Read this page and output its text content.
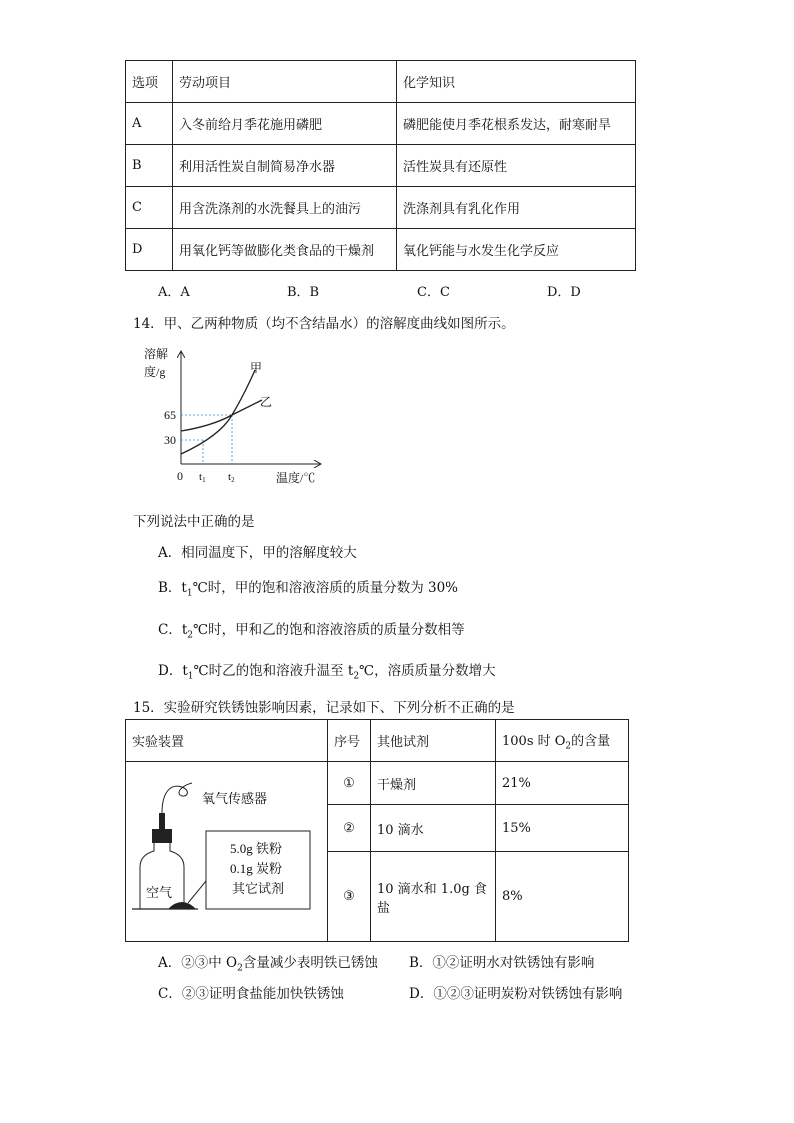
选项	劳动项目	化学知识
A	入冬前给月季花施用磷肥	磷肥能使月季花根系发达，耐寒耐旱
B	利用活性炭自制简易净水器	活性炭具有还原性
C	用含洗涤剂的水洗餐具上的油污	洗涤剂具有乳化作用
D	用氧化钙等做膨化类食品的干燥剂	氧化钙能与水发生化学反应
A．A	B．B	C．C	D．D
14．甲、乙两种物质（均不含结晶水）的溶解度曲线如图所示。
溶解
度/g
65
30
0 t1 t2	温度/℃
甲
乙
下列说法中正确的是
A．相同温度下，甲的溶解度较大
B．$t_1℃$时，甲的饱和溶液溶质的质量分数为 30%
C．$t_2℃$时，甲和乙的饱和溶液溶质的质量分数相等
D．$t_1℃$时乙的饱和溶液升温至 $t_2℃$，溶质质量分数增大
15．实验研究铁锈蚀影响因素，记录如下、下列分析不正确的是
实验装置	序号	其他试剂	100s 时 $O_2$的含量

氧气传感器
5.0g 铁粉
0.1g 炭粉
其它试剂
空气	①	干燥剂	21%
	②	10 滴水	15%
	③	10 滴水和 1.0g 食盐	8%
A．②③中 $O_2$含量减少表明铁已锈蚀 B．①②证明水对铁锈蚀有影响
C．②③证明食盐能加快铁锈蚀	D．①②③证明炭粉对铁锈蚀有影响
